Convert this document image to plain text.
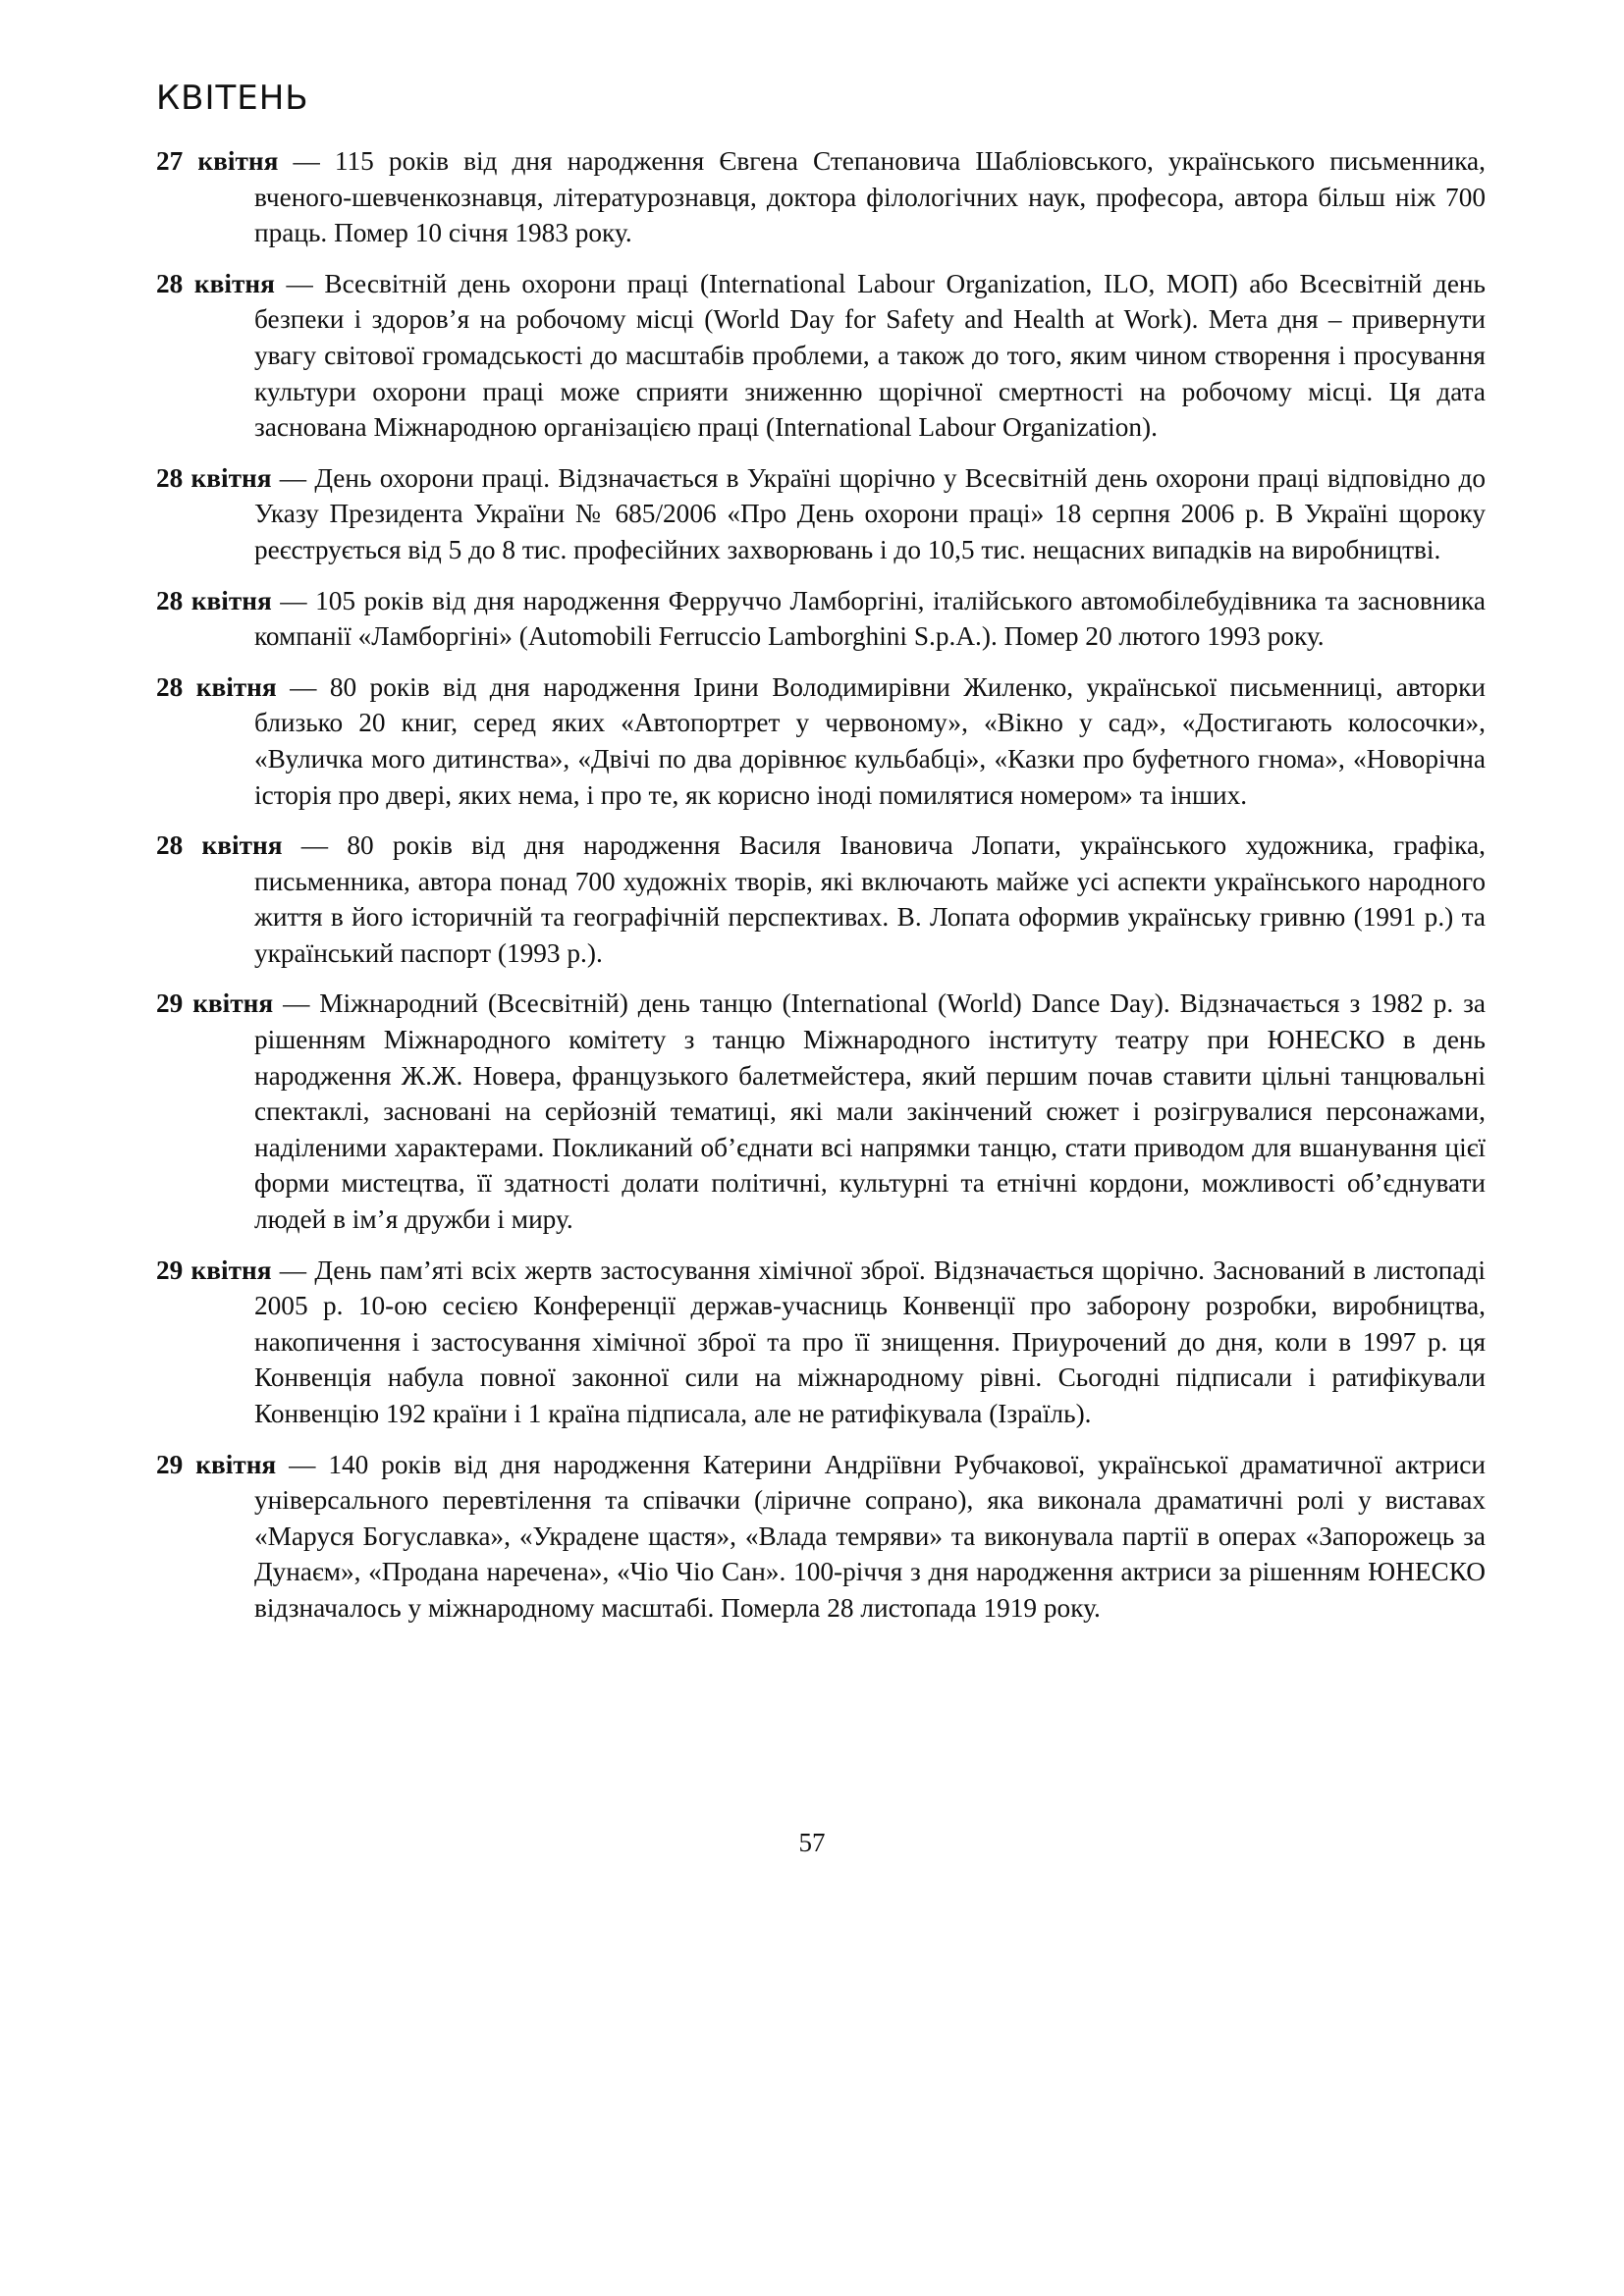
КВІТЕНЬ

27 квітня — 115 років від дня народження Євгена Степановича Шабліовського, українського письменника, вченого-шевченкознавця, літературознавця, доктора філологічних наук, професора, автора більш ніж 700 праць. Помер 10 січня 1983 року.

28 квітня — Всесвітній день охорони праці (International Labour Organization, ILO, МОП) або Всесвітній день безпеки і здоров’я на робочому місці (World Day for Safety and Health at Work). Мета дня – привернути увагу світової громадськості до масштабів проблеми, а також до того, яким чином створення і просування культури охорони праці може сприяти зниженню щорічної смертності на робочому місці. Ця дата заснована Міжнародною організацією праці (International Labour Organization).

28 квітня — День охорони праці. Відзначається в Україні щорічно у Всесвітній день охорони праці відповідно до Указу Президента України № 685/2006 «Про День охорони праці» 18 серпня 2006 р. В Україні щороку реєструється від 5 до 8 тис. професійних захворювань і до 10,5 тис. нещасних випадків на виробництві.

28 квітня — 105 років від дня народження Ферруччо Ламборгіні, італійського автомобілебудівника та засновника компанії «Ламборгіні» (Automobili Ferruccio Lamborghini S.p.A.). Помер 20 лютого 1993 року.

28 квітня — 80 років від дня народження Ірини Володимирівни Жиленко, української письменниці, авторки близько 20 книг, серед яких «Автопортрет у червоному», «Вікно у сад», «Достигають колосочки», «Вуличка мого дитинства», «Двічі по два дорівнює кульбабці», «Казки про буфетного гнома», «Новорічна історія про двері, яких нема, і про те, як корисно іноді помилятися номером» та інших.

28 квітня — 80 років від дня народження Василя Івановича Лопати, українського художника, графіка, письменника, автора понад 700 художніх творів, які включають майже усі аспекти українського народного життя в його історичній та географічній перспективах. В. Лопата оформив українську гривню (1991 р.) та український паспорт (1993 р.).

29 квітня — Міжнародний (Всесвітній) день танцю (International (World) Dance Day). Відзначається з 1982 р. за рішенням Міжнародного комітету з танцю Міжнародного інституту театру при ЮНЕСКО в день народження Ж.Ж. Новера, французького балетмейстера, який першим почав ставити цільні танцювальні спектаклі, засновані на серйозній тематиці, які мали закінчений сюжет і розігрувалися персонажами, наділеними характерами. Покликаний об’єднати всі напрямки танцю, стати приводом для вшанування цієї форми мистецтва, її здатності долати політичні, культурні та етнічні кордони, можливості об’єднувати людей в ім’я дружби і миру.

29 квітня — День пам’яті всіх жертв застосування хімічної зброї. Відзначається щорічно. Заснований в листопаді 2005 р. 10-ою сесією Конференції держав-учасниць Конвенції про заборону розробки, виробництва, накопичення і застосування хімічної зброї та про її знищення. Приурочений до дня, коли в 1997 р. ця Конвенція набула повної законної сили на міжнародному рівні. Сьогодні підписали і ратифікували Конвенцію 192 країни і 1 країна підписала, але не ратифікувала (Ізраїль).

29 квітня — 140 років від дня народження Катерини Андріївни Рубчакової, української драматичної актриси універсального перевтілення та співачки (ліричне сопрано), яка виконала драматичні ролі у виставах «Маруся Богуславка», «Украдене щастя», «Влада темряви» та виконувала партії в операх «Запорожець за Дунаєм», «Продана наречена», «Чіо Чіо Сан». 100-річчя з дня народження актриси за рішенням ЮНЕСКО відзначалось у міжнародному масштабі. Померла 28 листопада 1919 року.

57
